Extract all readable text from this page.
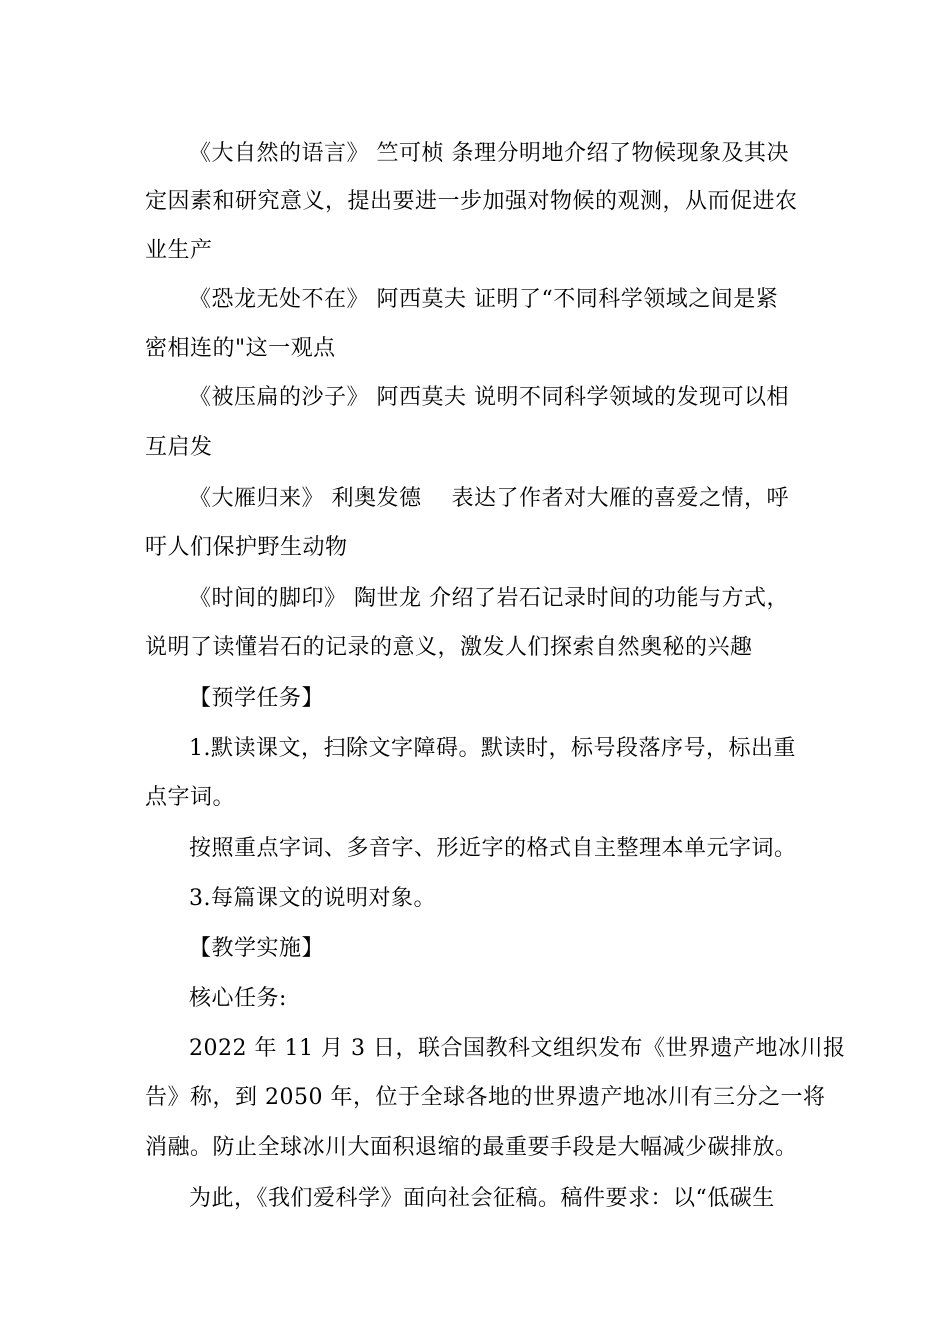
《大自然的语言》 竺可桢 条理分明地介绍了物候现象及其决
定因素和研究意义，提出要进一步加强对物候的观测，从而促进农
业生产
《恐龙无处不在》 阿西莫夫 证明了“不同科学领域之间是紧
密相连的"这一观点
《被压扁的沙子》 阿西莫夫 说明不同科学领域的发现可以相
互启发
《大雁归来》 利奥发德　 表达了作者对大雁的喜爱之情，呼
吁人们保护野生动物
《时间的脚印》 陶世龙 介绍了岩石记录时间的功能与方式，
说明了读懂岩石的记录的意义，激发人们探索自然奥秘的兴趣
【预学任务】
1.默读课文，扫除文字障碍。默读时，标号段落序号，标出重
点字词。
按照重点字词、多音字、形近字的格式自主整理本单元字词。
3.每篇课文的说明对象。
【教学实施】
核心任务:
2022 年 11 月 3 日，联合国教科文组织发布《世界遗产地冰川报
告》称，到 2050 年，位于全球各地的世界遗产地冰川有三分之一将
消融。防止全球冰川大面积退缩的最重要手段是大幅减少碳排放。
为此，《我们爱科学》面向社会征稿。稿件要求：以“低碳生
